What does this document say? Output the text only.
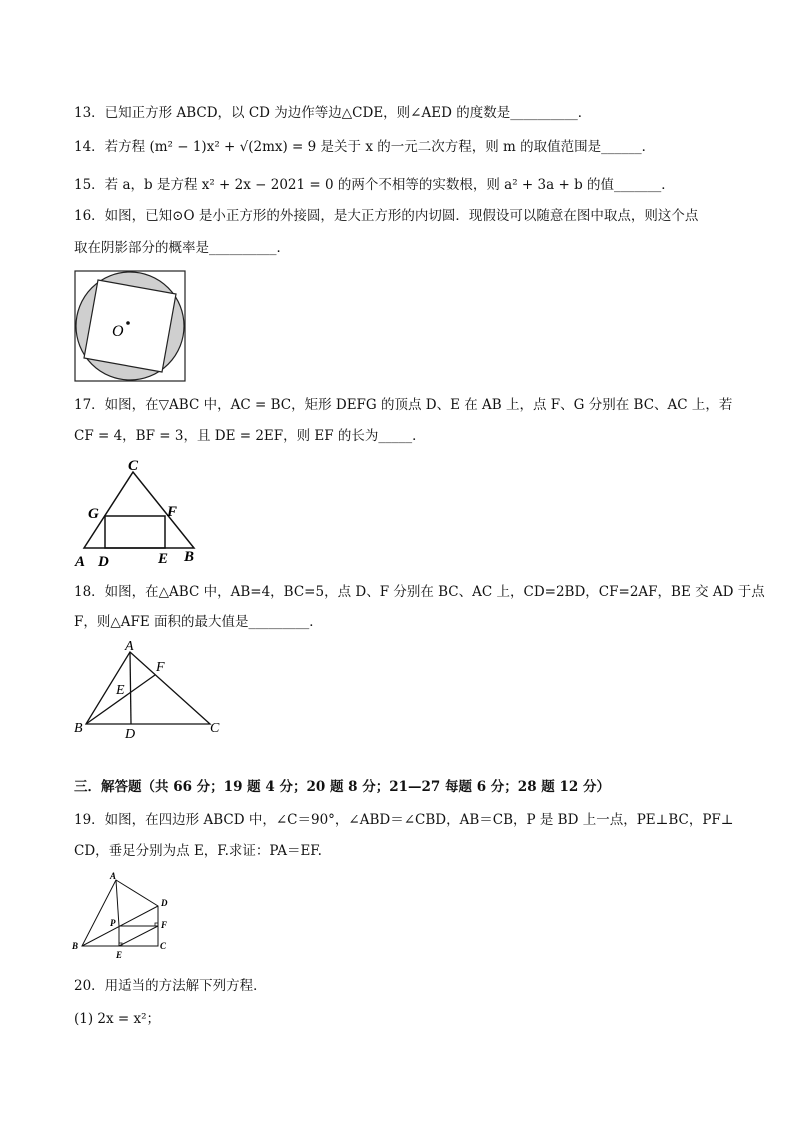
13．已知正方形 ABCD，以 CD 为边作等边△CDE，则∠AED 的度数是__________．
14．若方程 (m² − 1)x² + √(2mx) = 9 是关于 x 的一元二次方程，则 m 的取值范围是______．
15．若 a，b 是方程 x² + 2x − 2021 = 0 的两个不相等的实数根，则 a² + 3a + b 的值_______．
16．如图，已知⊙O 是小正方形的外接圆，是大正方形的内切圆．现假设可以随意在图中取点，则这个点
取在阴影部分的概率是__________．
O
17．如图，在▽ABC 中，AC = BC，矩形 DEFG 的顶点 D、E 在 AB 上，点 F、G 分别在 BC、AC 上，若
CF = 4，BF = 3，且 DE = 2EF，则 EF 的长为_____．
C
G	F
A D	E B
18．如图，在△ABC 中，AB=4，BC=5，点 D、F 分别在 BC、AC 上，CD=2BD，CF=2AF，BE 交 AD 于点
F，则△AFE 面积的最大值是_________．
A
F
E
B	D	C
三．解答题（共 66 分；19 题 4 分；20 题 8 分；21—27 每题 6 分；28 题 12 分）
19．如图，在四边形 ABCD 中，∠C＝90°，∠ABD＝∠CBD，AB＝CB，P 是 BD 上一点，PE⊥BC，PF⊥
CD，垂足分别为点 E，F.求证：PA＝EF.
A
D
P	F
B
E
C
20．用适当的方法解下列方程．
(1) 2x = x²；
